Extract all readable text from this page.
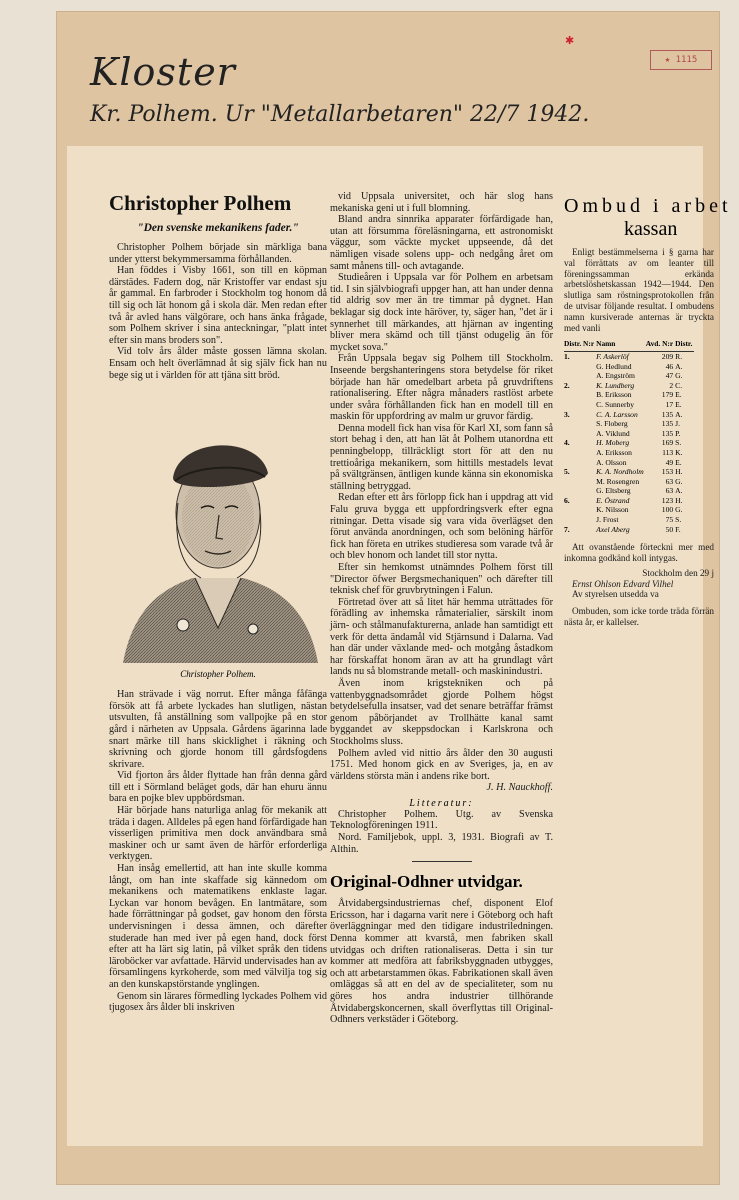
✱
Kloster
Kr. Polhem. Ur "Metallarbetaren" 22/7 1942.
★ 1115
Christopher Polhem
"Den svenske mekanikens fader."

Christopher Polhem började sin märkliga bana under ytterst bekymmersamma förhållanden.

Han föddes i Visby 1661, son till en köpman därstädes. Fadern dog, när Kristoffer var endast sju år gammal. En farbroder i Stockholm tog honom då till sig och lät honom gå i skola där. Men redan efter två år avled hans välgörare, och hans änka frågade, som Polhem skriver i sina anteckningar, "platt intet efter sin mans broders son".

Vid tolv års ålder måste gossen lämna skolan. Ensam och helt överlämnad åt sig själv fick han nu bege sig ut i världen för att tjäna sitt bröd.

Christopher Polhem.

Han strävade i väg norrut. Efter många fåfänga försök att få arbete lyckades han slutligen, nästan utsvulten, få anställning som vallpojke på en stor gård i närheten av Uppsala. Gårdens ägarinna lade snart märke till hans skicklighet i räkning och skrivning och gjorde honom till gårdsfogdens skrivare.

Vid fjorton års ålder flyttade han från denna gård till ett i Sörmland beläget gods, där han ehuru ännu bara en pojke blev uppbördsman.

Här började hans naturliga anlag för mekanik att träda i dagen. Alldeles på egen hand förfärdigade han visserligen primitiva men dock användbara små maskiner och ur samt även de härför erforderliga verktygen.

Han insåg emellertid, att han inte skulle komma långt, om han inte skaffade sig kännedom om mekanikens och matematikens enklaste lagar. Lyckan var honom bevågen. En lantmätare, som hade förrättningar på godset, gav honom den första undervisningen i dessa ämnen, och därefter studerade han med iver på egen hand, dock först efter att ha lärt sig latin, på vilket språk den tidens läroböcker var avfattade. Härvid undervisades han av församlingens kyrkoherde, som med välvilja tog sig an den kunskapstörstande ynglingen.

Genom sin lärares förmedling lyckades Polhem vid tjugosex års ålder bli inskriven

vid Uppsala universitet, och här slog hans mekaniska geni ut i full blomning.

Bland andra sinnrika apparater förfärdigade han, utan att försumma föreläsningarna, ett astronomiskt väggur, som väckte mycket uppseende, då det nämligen visade solens upp- och nedgång året om samt månens till- och avtagande.

Studieåren i Uppsala var för Polhem en arbetsam tid. I sin självbiografi uppger han, att han under denna tid aldrig sov mer än tre timmar på dygnet. Han beklagar sig dock inte häröver, ty, säger han, "det är i synnerhet till märkandes, att hjärnan av ingenting bliver mera skämd och till tjänst odugelig än för mycket sova."

Från Uppsala begav sig Polhem till Stockholm. Inseende bergshanteringens stora betydelse för riket började han här omedelbart arbeta på gruvdriftens rationalisering. Efter några månaders rastlöst arbete under svåra förhållanden fick han en modell till en maskin för uppfordring av malm ur gruvor färdig.

Denna modell fick han visa för Karl XI, som fann så stort behag i den, att han lät åt Polhem utanordna ett penningbelopp, tillräckligt stort för att den nu trettioåriga mekanikern, som hittills mestadels levat på svältgränsen, äntligen kunde känna sin ekonomiska ställning betryggad.

Redan efter ett års förlopp fick han i uppdrag att vid Falu gruva bygga ett uppfordringsverk efter egna ritningar. Detta visade sig vara vida överlägset den förut använda anordningen, och som belöning härför fick han företa en utrikes studieresa som varade två år och blev honom och landet till stor nytta.

Efter sin hemkomst utnämndes Polhem först till "Director öfwer Bergsmechaniquen" och därefter till teknisk chef för gruvbrytningen i Falun.

Förtretad över att så litet här hemma uträttades för förädling av inhemska råmaterialier, särskilt inom järn- och stålmanufakturerna, anlade han samtidigt ett verk för detta ändamål vid Stjärnsund i Dalarna. Vad han där under växlande med- och motgång åstadkom har förskaffat honom äran av att ha grundlagt vårt lands nu så blomstrande metall- och maskinindustri.

Även inom krigstekniken och på vattenbyggnadsområdet gjorde Polhem högst betydelsefulla insatser, vad det senare beträffar främst genom påbörjandet av Trollhätte kanal samt byggandet av skeppsdockan i Karlskrona och Stockholms sluss.

Polhem avled vid nittio års ålder den 30 augusti 1751. Med honom gick en av Sveriges, ja, en av världens största män i andens rike bort.

J. H. Nauckhoff.

Litteratur:

Christopher Polhem. Utg. av Svenska Teknologföreningen 1911.

Nord. Familjebok, uppl. 3, 1931. Biografi av T. Althin.

Original-Odhner utvidgar.

Åtvidabergsindustriernas chef, disponent Elof Ericsson, har i dagarna varit nere i Göteborg och haft överläggningar med den tidigare industriledningen. Denna kommer att kvarstå, men fabriken skall utvidgas och driften rationaliseras. Detta i sin tur kommer att medföra att fabriksbyggnaden utbygges, och att arbetarstammen ökas. Fabrikationen skall även omläggas så att en del av de specialiteter, som nu göres hos andra industrier tillhörande Åtvidabergskoncernen, skall överflyttas till Original-Odhners verkstäder i Göteborg.

Ombud i arbet
kassan

Enligt bestämmelserna i § garna har val förrättats av om leanter till föreningssamman erkända arbetslöshetskassan 1942—1944. Den slutliga sam röstningsprotokollen från de utvisar följande resultat. I ombudens namn kursiverade anternas är tryckta med vanli

Distr. N:r	Namn	Avd. N:r	Distr.
1.	F. Askerlöf	209	R.
	G. Hedlund	46	A.
	A. Engström	47	G.
2.	K. Lundberg	2	C.
	B. Eriksson	179	E.
	C. Sunnerby	17	E.
3.	C. A. Larsson	135	A.
	S. Floberg	135	J.
	A. Viklund	135	P.
4.	H. Moberg	169	S.
	A. Eriksson	113	K.
	A. Olsson	49	E.
5.	K. A. Nordholm	153	H.
	M. Rosengren	63	G.
	G. Eltsberg	63	A.
6.	E. Östrand	123	H.
	K. Nilsson	100	G.
	J. Frost	75	S.
7.	Axel Aberg	50	F.

Att ovanstående förteckni mer med inkomna godkänd koll intygas.

Stockholm den 29 j

Ernst Ohlson Edvard Vilhel

Av styrelsen utsedda va

Ombuden, som icke torde träda förrän nästa år, er kallelser.
